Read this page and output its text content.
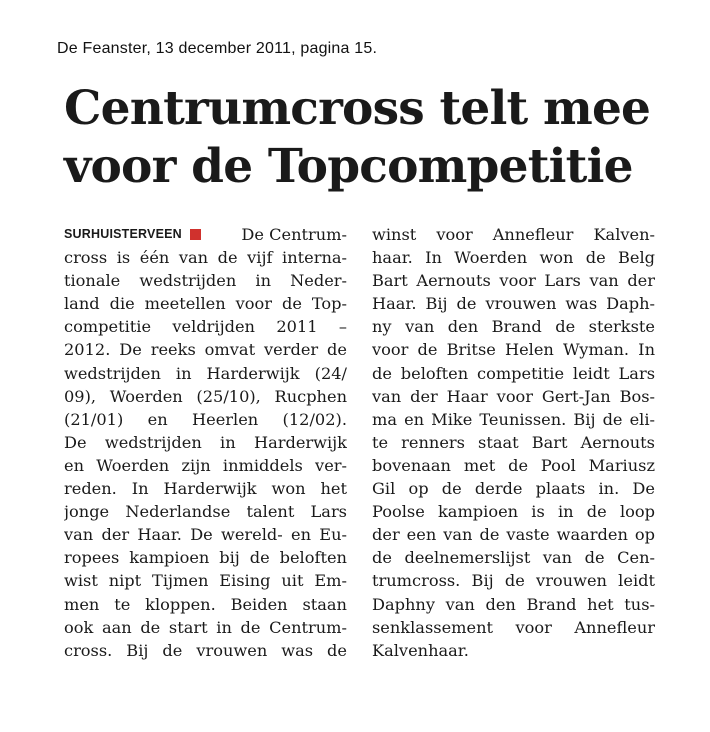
De Feanster, 13 december 2011, pagina 15.
Centrumcross telt mee
voor de Topcompetitie
SURHUISTERVEEN	De Centrum-
cross is één van de vijf interna-
tionale wedstrijden in Neder-
land die meetellen voor de Top-
competitie veldrijden 2011 –
2012. De reeks omvat verder de
wedstrijden in Harderwijk (24/
09), Woerden (25/10), Rucphen
(21/01) en Heerlen (12/02).
De wedstrijden in Harderwijk
en Woerden zijn inmiddels ver-
reden. In Harderwijk won het
jonge Nederlandse talent Lars
van der Haar. De wereld- en Eu-
ropees kampioen bij de beloften
wist nipt Tijmen Eising uit Em-
men te kloppen. Beiden staan
ook aan de start in de Centrum-
cross. Bij de vrouwen was de
winst voor Annefleur Kalven-
haar. In Woerden won de Belg
Bart Aernouts voor Lars van der
Haar. Bij de vrouwen was Daph-
ny van den Brand de sterkste
voor de Britse Helen Wyman. In
de beloften competitie leidt Lars
van der Haar voor Gert-Jan Bos-
ma en Mike Teunissen. Bij de eli-
te renners staat Bart Aernouts
bovenaan met de Pool Mariusz
Gil op de derde plaats in. De
Poolse kampioen is in de loop
der een van de vaste waarden op
de deelnemerslijst van de Cen-
trumcross. Bij de vrouwen leidt
Daphny van den Brand het tus-
senklassement voor Annefleur
Kalvenhaar.
